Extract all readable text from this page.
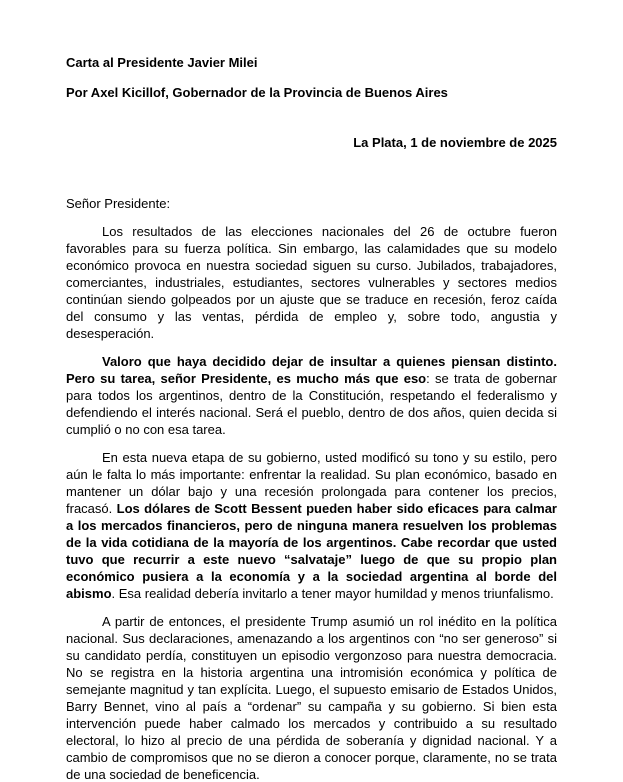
Carta al Presidente Javier Milei

Por Axel Kicillof, Gobernador de la Provincia de Buenos Aires

La Plata, 1 de noviembre de 2025
Señor Presidente:

Los resultados de las elecciones nacionales del 26 de octubre fueron favorables para su fuerza política. Sin embargo, las calamidades que su modelo económico provoca en nuestra sociedad siguen su curso. Jubilados, trabajadores, comerciantes, industriales, estudiantes, sectores vulnerables y sectores medios continúan siendo golpeados por un ajuste que se traduce en recesión, feroz caída del consumo y las ventas, pérdida de empleo y, sobre todo, angustia y desesperación.

Valoro que haya decidido dejar de insultar a quienes piensan distinto. Pero su tarea, señor Presidente, es mucho más que eso: se trata de gobernar para todos los argentinos, dentro de la Constitución, respetando el federalismo y defendiendo el interés nacional. Será el pueblo, dentro de dos años, quien decida si cumplió o no con esa tarea.

En esta nueva etapa de su gobierno, usted modificó su tono y su estilo, pero aún le falta lo más importante: enfrentar la realidad. Su plan económico, basado en mantener un dólar bajo y una recesión prolongada para contener los precios, fracasó. Los dólares de Scott Bessent pueden haber sido eficaces para calmar a los mercados financieros, pero de ninguna manera resuelven los problemas de la vida cotidiana de la mayoría de los argentinos. Cabe recordar que usted tuvo que recurrir a este nuevo “salvataje” luego de que su propio plan económico pusiera a la economía y a la sociedad argentina al borde del abismo. Esa realidad debería invitarlo a tener mayor humildad y menos triunfalismo.

A partir de entonces, el presidente Trump asumió un rol inédito en la política nacional. Sus declaraciones, amenazando a los argentinos con “no ser generoso” si su candidato perdía, constituyen un episodio vergonzoso para nuestra democracia. No se registra en la historia argentina una intromisión económica y política de semejante magnitud y tan explícita. Luego, el supuesto emisario de Estados Unidos, Barry Bennet, vino al país a “ordenar” su campaña y su gobierno. Si bien esta intervención puede haber calmado los mercados y contribuido a su resultado electoral, lo hizo al precio de una pérdida de soberanía y dignidad nacional. Y a cambio de compromisos que no se dieron a conocer porque, claramente, no se trata de una sociedad de beneficencia.
